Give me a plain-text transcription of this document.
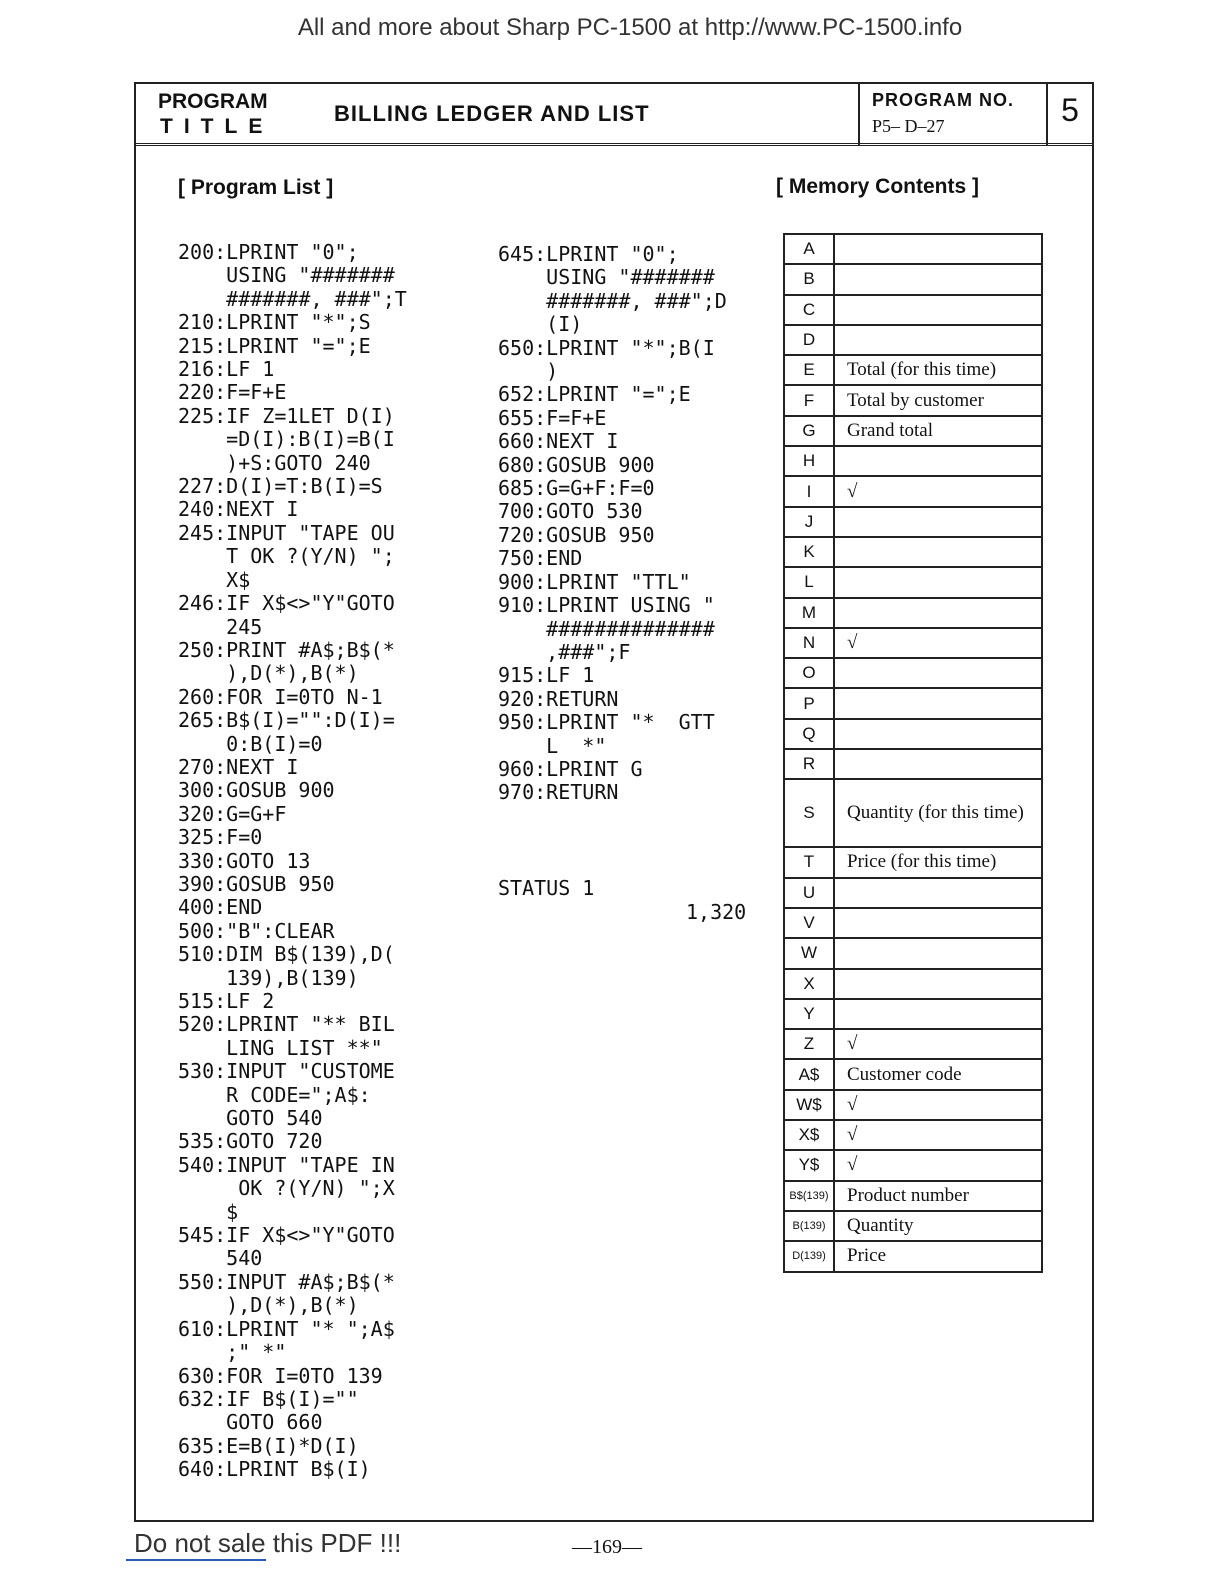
All and more about Sharp PC-1500 at http://www.PC-1500.info
PROGRAM
TITLE
BILLING LEDGER AND LIST
PROGRAM NO.
P5– D–27	5
[ Program List ]	[ Memory Contents ]
200:LPRINT "0";
USING "#######
#######, ###";T
210:LPRINT "*";S
215:LPRINT "=";E
216:LF 1
220:F=F+E
225:IF Z=1LET D(I)
=D(I):B(I)=B(I
)+S:GOTO 240
227:D(I)=T:B(I)=S
240:NEXT I
245:INPUT "TAPE OU
T OK ?(Y/N) ";
X$
246:IF X$<>"Y"GOTO
245
250:PRINT #A$;B$(*
),D(*),B(*)
260:FOR I=0TO N-1
265:B$(I)="":D(I)=
0:B(I)=0
270:NEXT I
300:GOSUB 900
320:G=G+F
325:F=0
330:GOTO 13
390:GOSUB 950
400:END
500:"B":CLEAR
510:DIM B$(139),D(
139),B(139)
515:LF 2
520:LPRINT "** BIL
LING LIST **"
530:INPUT "CUSTOME
R CODE=";A$:
GOTO 540
535:GOTO 720
540:INPUT "TAPE IN
OK ?(Y/N) ";X
$
545:IF X$<>"Y"GOTO
540
550:INPUT #A$;B$(*
),D(*),B(*)
610:LPRINT "* ";A$
;" *"
630:FOR I=0TO 139
632:IF B$(I)=""
GOTO 660
635:E=B(I)*D(I)
640:LPRINT B$(I)
645:LPRINT "0";
USING "#######
#######, ###";D
(I)
650:LPRINT "*";B(I
)
652:LPRINT "=";E
655:F=F+E
660:NEXT I
680:GOSUB 900
685:G=G+F:F=0
700:GOTO 530
720:GOSUB 950
750:END
900:LPRINT "TTL"
910:LPRINT USING "
##############
,###";F
915:LF 1
920:RETURN
950:LPRINT "*  GTT
L  *"
960:LPRINT G
970:RETURN
STATUS 1
1,320
A	
B	
C	
D	
E	Total (for this time)
F	Total by customer
G	Grand total
H	
I	√
J	
K	
L	
M	
N	√
O	
P	
Q	
R	
S	Quantity (for this time)
T	Price (for this time)
U	
V	
W	
X	
Y	
Z	√
A$	Customer code
W$	√
X$	√
Y$	√
B$(139)	Product number
B(139)	Quantity
D(139)	Price
Do not sale this PDF !!!	—169—
